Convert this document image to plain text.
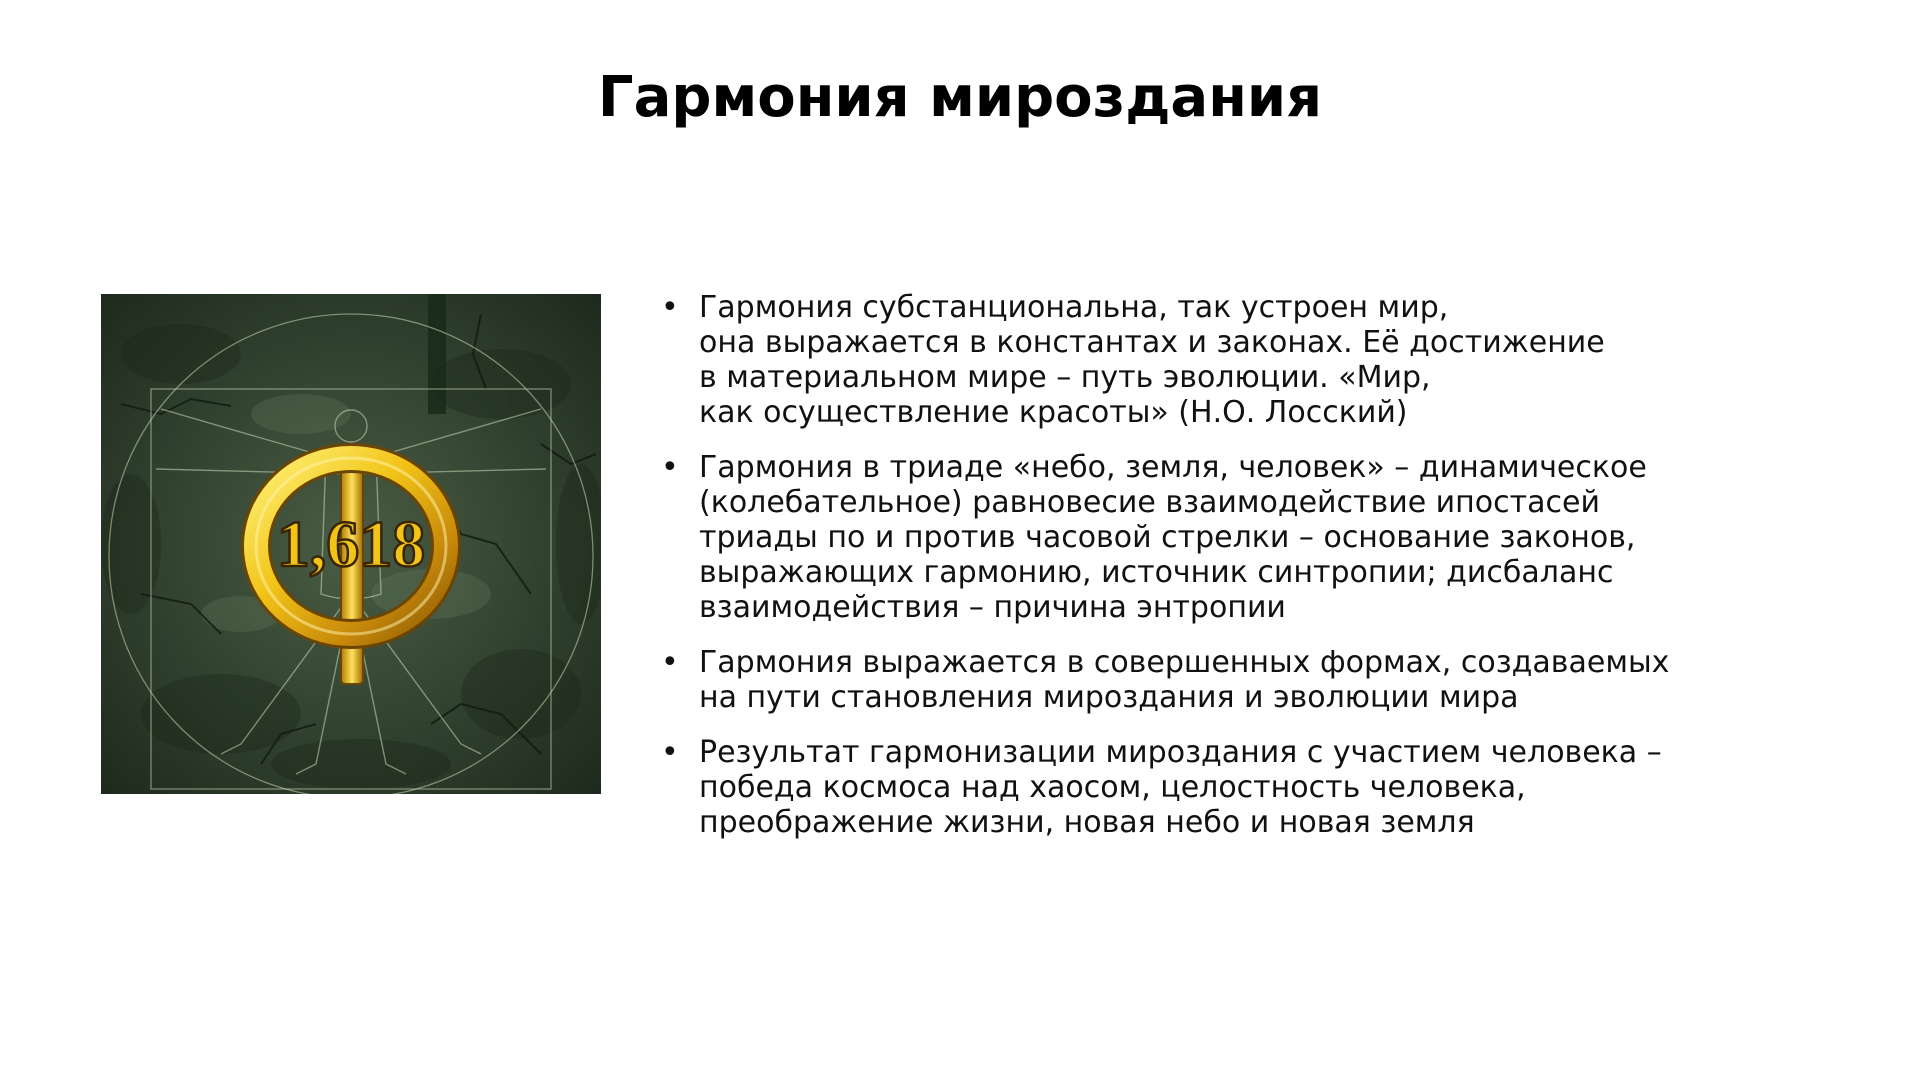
Гармония мироздания
1,618
• Гармония субстанциональна, так устроен мир,
она выражается в константах и законах. Её достижение
в материальном мире – путь эволюции. «Мир,
как осуществление красоты» (Н.О. Лосский)
• Гармония в триаде «небо, земля, человек» – динамическое
(колебательное) равновесие взаимодействие ипостасей
триады по и против часовой стрелки – основание законов,
выражающих гармонию, источник синтропии; дисбаланс
взаимодействия – причина энтропии
• Гармония выражается в совершенных формах, создаваемых
на пути становления мироздания и эволюции мира
• Результат гармонизации мироздания с участием человека –
победа космоса над хаосом, целостность человека,
преображение жизни, новая небо и новая земля
